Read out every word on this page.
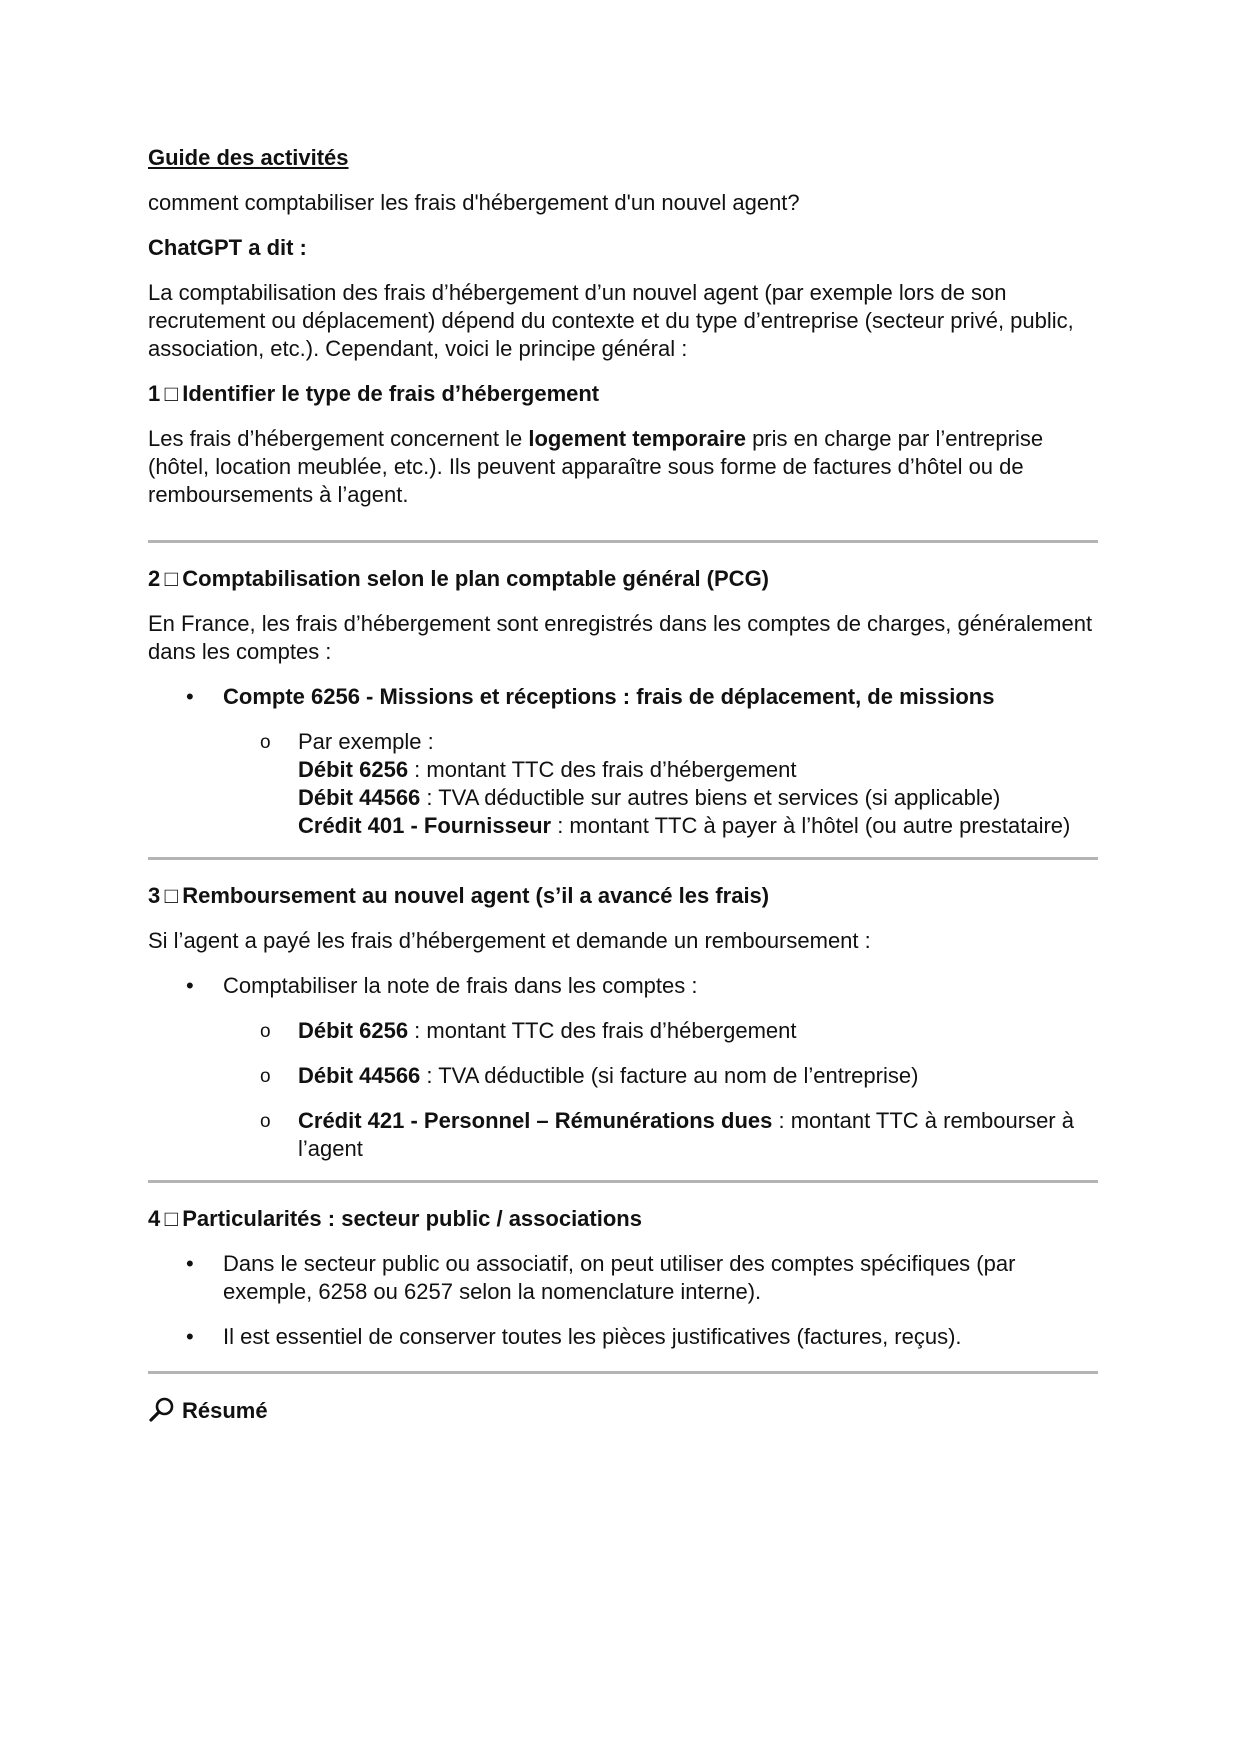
Guide des activités

comment comptabiliser les frais d'hébergement d'un nouvel agent?

ChatGPT a dit :

La comptabilisation des frais d’hébergement d’un nouvel agent (par exemple lors de son recrutement ou déplacement) dépend du contexte et du type d’entreprise (secteur privé, public, association, etc.). Cependant, voici le principe général :

1 □ Identifier le type de frais d’hébergement

Les frais d’hébergement concernent le logement temporaire pris en charge par l’entreprise (hôtel, location meublée, etc.). Ils peuvent apparaître sous forme de factures d’hôtel ou de remboursements à l’agent.

2 □ Comptabilisation selon le plan comptable général (PCG)

En France, les frais d’hébergement sont enregistrés dans les comptes de charges, généralement dans les comptes :

• Compte 6256 - Missions et réceptions : frais de déplacement, de missions
o Par exemple :
Débit 6256 : montant TTC des frais d’hébergement
Débit 44566 : TVA déductible sur autres biens et services (si applicable)
Crédit 401 - Fournisseur : montant TTC à payer à l’hôtel (ou autre prestataire)
3 □ Remboursement au nouvel agent (s’il a avancé les frais)

Si l’agent a payé les frais d’hébergement et demande un remboursement :

• Comptabiliser la note de frais dans les comptes :
o Débit 6256 : montant TTC des frais d’hébergement
o Débit 44566 : TVA déductible (si facture au nom de l’entreprise)
o Crédit 421 - Personnel – Rémunérations dues : montant TTC à rembourser à l’agent
4 □ Particularités : secteur public / associations
• Dans le secteur public ou associatif, on peut utiliser des comptes spécifiques (par exemple, 6258 ou 6257 selon la nomenclature interne).
• Il est essentiel de conserver toutes les pièces justificatives (factures, reçus).
Résumé
